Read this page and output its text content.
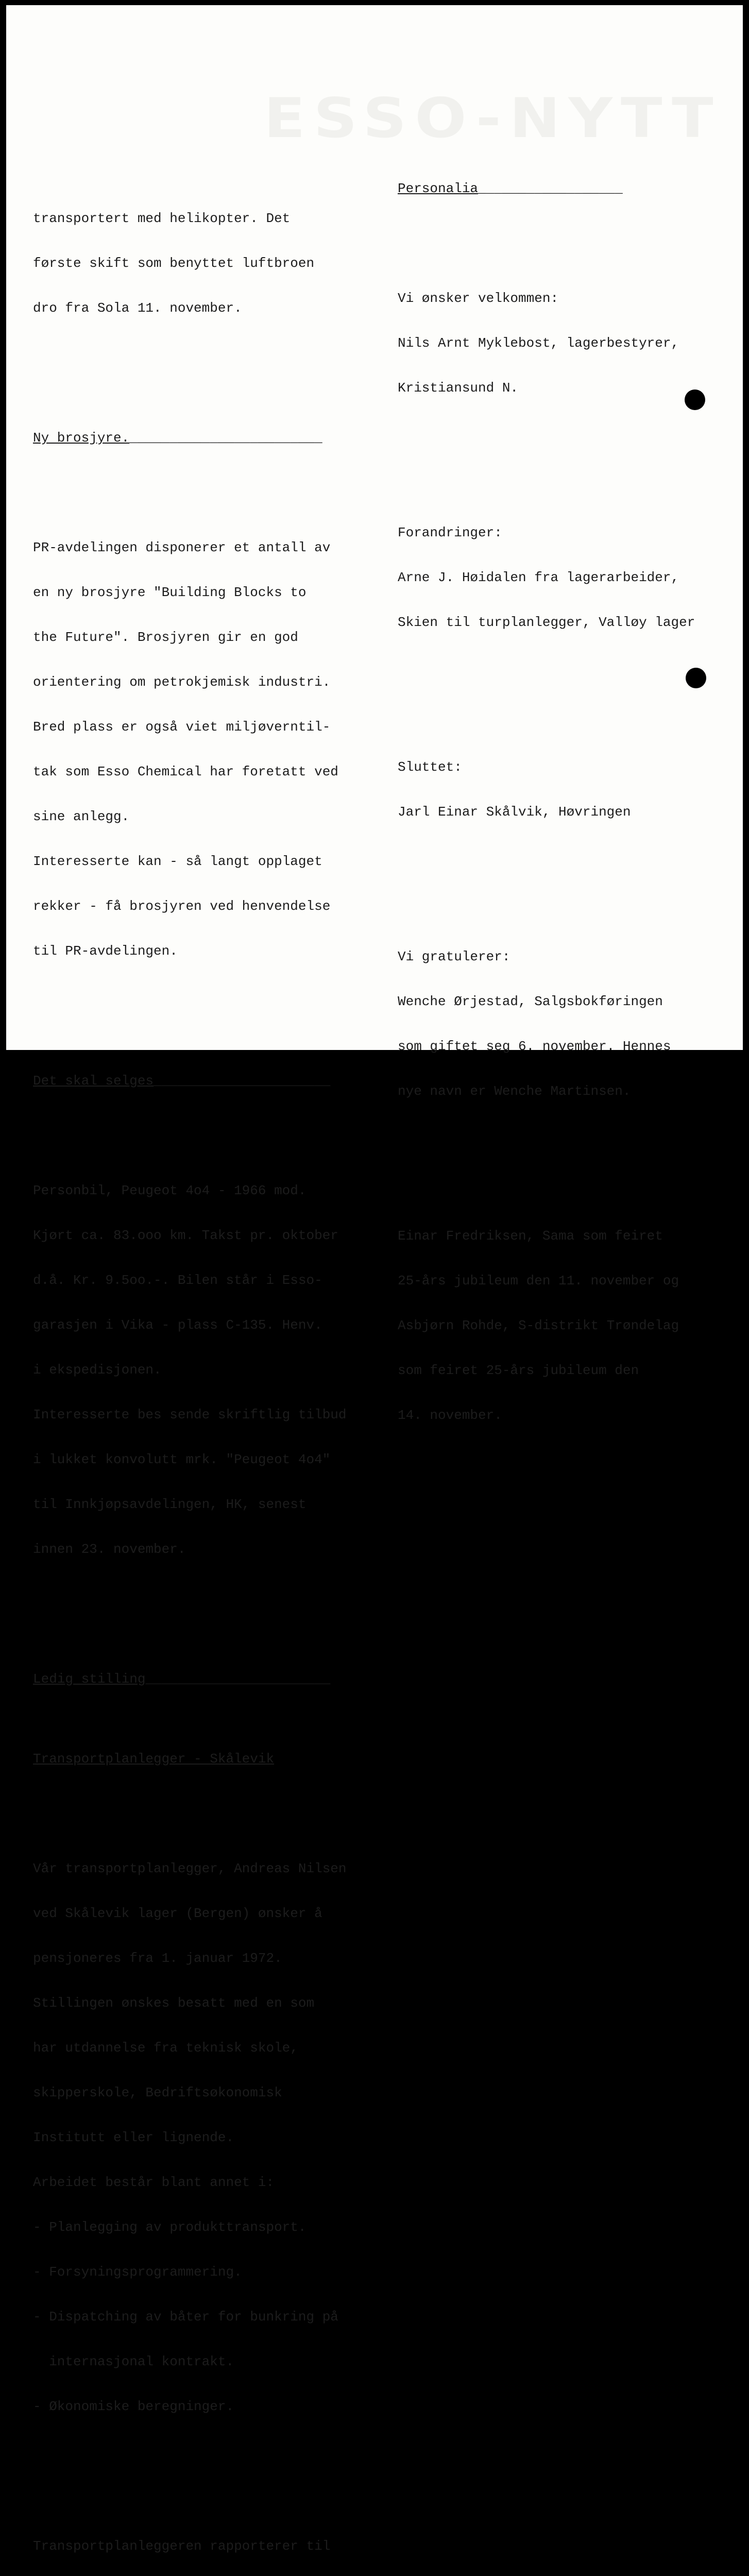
ESSO-NYTT

transportert med helikopter. Det

første skift som benyttet luftbroen

dro fra Sola 11. november.

Ny brosjyre.________________________

PR-avdelingen disponerer et antall av

en ny brosjyre "Building Blocks to

the Future". Brosjyren gir en god

orientering om petrokjemisk industri.

Bred plass er også viet miljøverntil-

tak som Esso Chemical har foretatt ved

sine anlegg.

Interesserte kan - så langt opplaget

rekker - få brosjyren ved henvendelse

til PR-avdelingen.

Det skal selges______________________

Personbil, Peugeot 4o4 - 1966 mod.

Kjørt ca. 83.ooo km. Takst pr. oktober

d.å. Kr. 9.5oo.-. Bilen står i Esso-

garasjen i Vika - plass C-135. Henv.

i ekspedisjonen.

Interesserte bes sende skriftlig tilbud

i lukket konvolutt mrk. "Peugeot 4o4"

til Innkjøpsavdelingen, HK, senest

innen 23. november.

Ledig stilling_______________________

Transportplanlegger - Skålevik

Vår transportplanlegger, Andreas Nilsen

ved Skålevik lager (Bergen) ønsker å

pensjoneres fra 1. januar 1972.

Stillingen ønskes besatt med en som

har utdannelse fra teknisk skole,

skipperskole, Bedriftsøkonomisk

Institutt eller lignende.

Arbeidet består blant annet i:

- Planlegging av produkttransport.

- Forsyningsprogrammering.

- Dispatching av båter for bunkring på

internasjonal kontrakt.

- Økonomiske beregninger.

Transportplanleggeren rapporterer til

Personalia__________________

Vi ønsker velkommen:

Nils Arnt Myklebost, lagerbestyrer,

Kristiansund N.

Forandringer:

Arne J. Høidalen fra lagerarbeider,

Skien til turplanlegger, Valløy lager

Sluttet:

Jarl Einar Skålvik, Høvringen

Vi gratulerer:

Wenche Ørjestad, Salgsbokføringen

som giftet seg 6. november. Hennes

nye navn er Wenche Martinsen.

Einar Fredriksen, Sama som feiret

25-års jubileum den 11. november og

Asbjørn Rohde, S-distrikt Trøndelag

som feiret 25-års jubileum den

14. november.
